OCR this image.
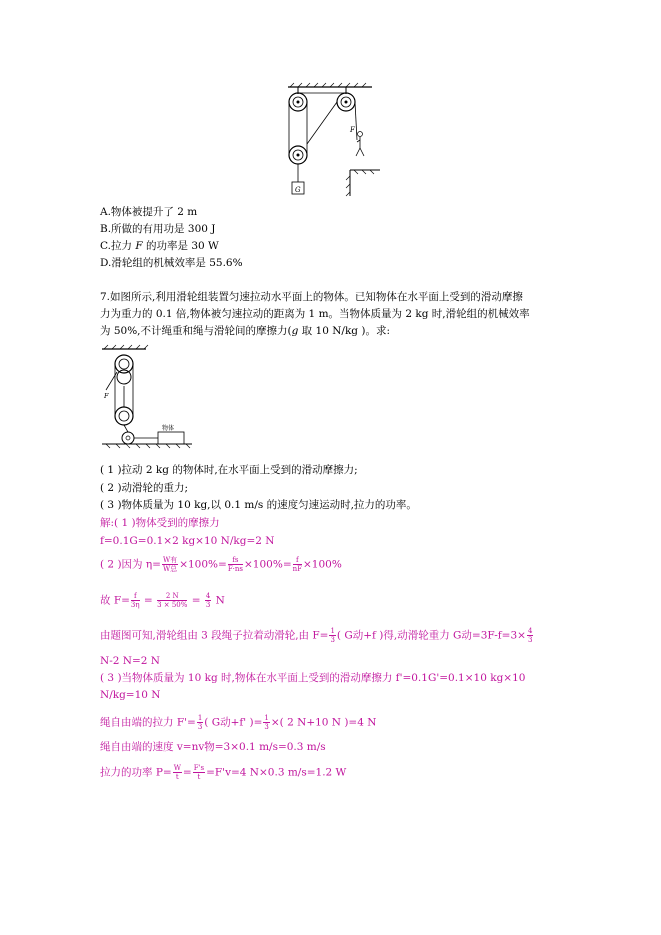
G
F
A.物体被提升了 2 m
B.所做的有用功是 300 J
C.拉力 F 的功率是 30 W
D.滑轮组的机械效率是 55.6%
7.如图所示,利用滑轮组装置匀速拉动水平面上的物体。已知物体在水平面上受到的滑动摩擦
力为重力的 0.1 倍,物体被匀速拉动的距离为 1 m。当物体质量为 2 kg 时,滑轮组的机械效率
为 50%,不计绳重和绳与滑轮间的摩擦力(g 取 10 N/kg )。求:
F
物体
( 1 )拉动 2 kg 的物体时,在水平面上受到的滑动摩擦力;
( 2 )动滑轮的重力;
( 3 )物体质量为 10 kg,以 0.1 m/s 的速度匀速运动时,拉力的功率。
解:( 1 )物体受到的摩擦力
f=0.1G=0.1×2 kg×10 N/kg=2 N
( 2 )因为 $\eta= \frac{\text{W有}}{\text{W总}} \times 100\%= \frac{fs}{F\cdot ns} \times 100\%= \frac{f}{nF} \times 100\%$
故 $F= \frac{f}{3\eta} = \frac{2 N}{3 \times 50\%} = \frac{4}{3}$ N
由题图可知,滑轮组由 3 段绳子拉着动滑轮,由 $F= \frac{1}{3}$ ( G动+f )得,动滑轮重力 G动$=3F-f=3\times \frac{4}{3}$
N-2 N=2 N
( 3 )当物体质量为 10 kg 时,物体在水平面上受到的滑动摩擦力 f'=0.1G'=0.1×10 kg×10
N/kg=10 N
绳自由端的拉力 $F'= \frac{1}{3}$ ( G动+f' )= $\frac{1}{3}$ ×( 2 N+10 N )=4 N
绳自由端的速度 v=nv物=3×0.1 m/s=0.3 m/s
拉力的功率 $P= \frac{W}{t} = \frac{F's}{t} =F'v=4$ N×0.3 m/s=1.2 W
